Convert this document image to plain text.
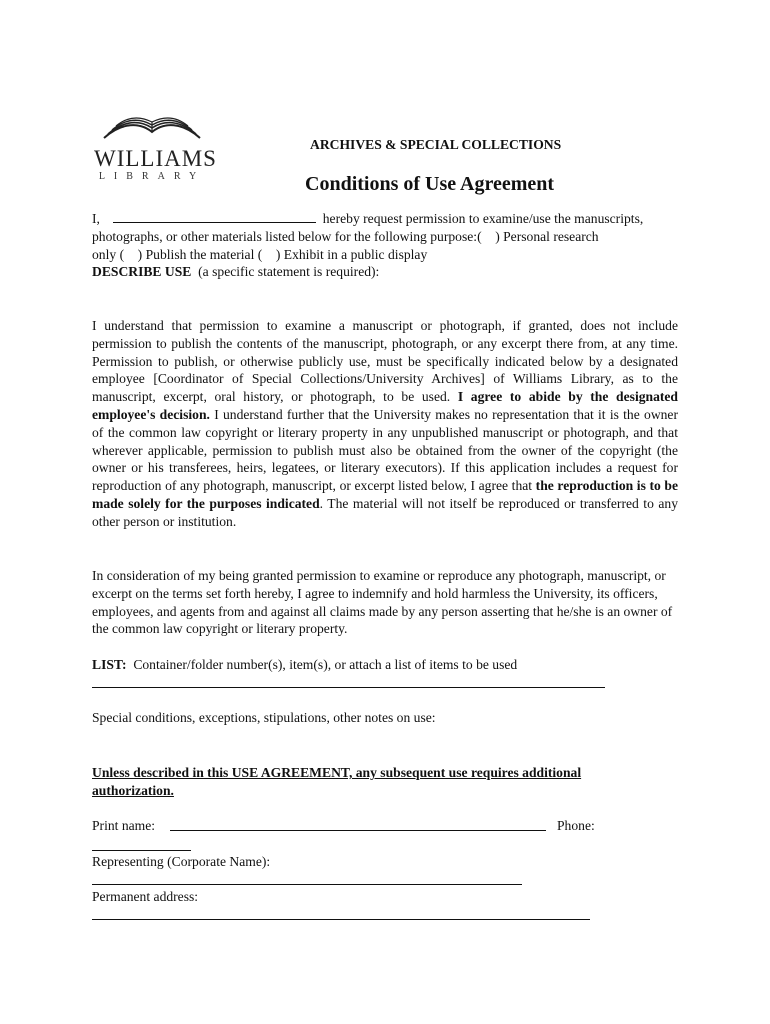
WILLIAMS
LIBRARY
ARCHIVES & SPECIAL COLLECTIONS
Conditions of Use Agreement
I,	hereby request permission to examine/use the manuscripts,
photographs, or other materials listed below for the following purpose:(    ) Personal research
only (    ) Publish the material (    ) Exhibit in a public display
DESCRIBE USE (a specific statement is required):
I understand that permission to examine a manuscript or photograph, if granted, does not include permission to publish the contents of the manuscript, photograph, or any excerpt there from, at any time. Permission to publish, or otherwise publicly use, must be specifically indicated below by a designated employee [Coordinator of Special Collections/University Archives] of Williams Library, as to the manuscript, excerpt, oral history, or photograph, to be used. I agree to abide by the designated employee's decision. I understand further that the University makes no representation that it is the owner of the common law copyright or literary property in any unpublished manuscript or photograph, and that wherever applicable, permission to publish must also be obtained from the owner of the copyright (the owner or his transferees, heirs, legatees, or literary executors). If this application includes a request for reproduction of any photograph, manuscript, or excerpt listed below, I agree that the reproduction is to be made solely for the purposes indicated. The material will not itself be reproduced or transferred to any other person or institution.
In consideration of my being granted permission to examine or reproduce any photograph, manuscript, or excerpt on the terms set forth hereby, I agree to indemnify and hold harmless the University, its officers, employees, and agents from and against all claims made by any person asserting that he/she is an owner of the common law copyright or literary property.
LIST: Container/folder number(s), item(s), or attach a list of items to be used
Special conditions, exceptions, stipulations, other notes on use:
Unless described in this USE AGREEMENT, any subsequent use requires additional authorization.
Print name:	Phone:
Representing (Corporate Name):
Permanent address:
